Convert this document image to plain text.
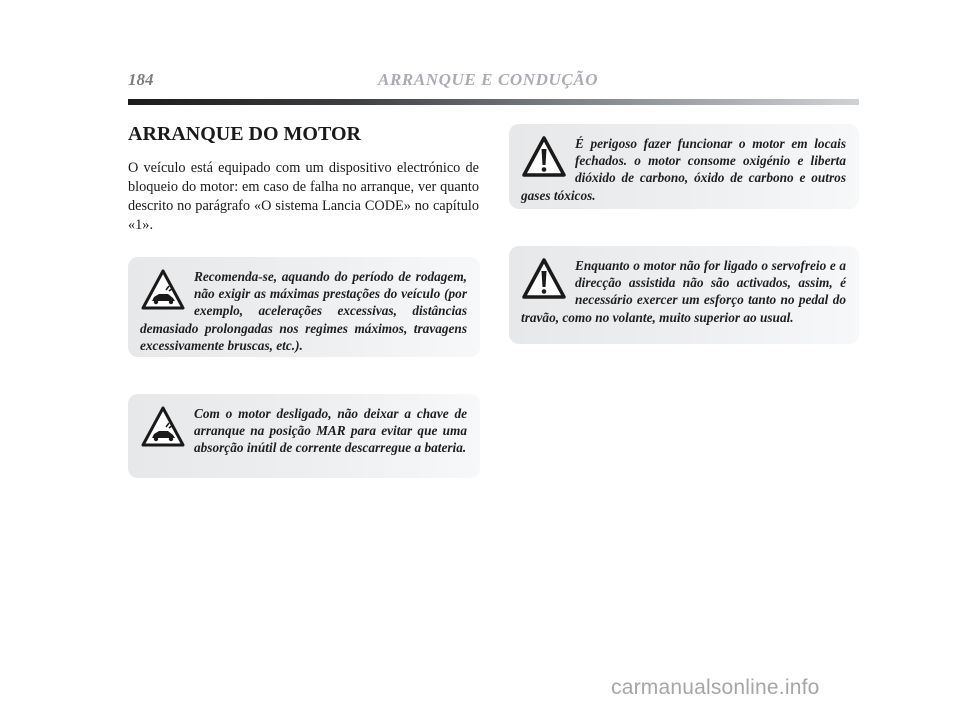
184	ARRANQUE E CONDUÇÃO
ARRANQUE DO MOTOR

O veículo está equipado com um dispositivo electrónico de bloqueio do motor: em caso de falha no arranque, ver quanto descrito no parágrafo «O sistema Lancia CODE» no capítulo «1».

Recomenda-se, aquando do período de rodagem, não exigir as máximas prestações do veículo (por exemplo, acelerações excessivas, distâncias demasiado prolongadas nos regimes máximos, travagens excessivamente bruscas, etc.).

Com o motor desligado, não deixar a chave de arranque na posição MAR para evitar que uma absorção inútil de corrente descarregue a bateria.

É perigoso fazer funcionar o motor em locais fechados. o motor consome oxigénio e liberta dióxido de carbono, óxido de carbono e outros gases tóxicos.

Enquanto o motor não for ligado o servofreio e a direcção assistida não são activados, assim, é necessário exercer um esforço tanto no pedal do travão, como no volante, muito superior ao usual.

carmanualsonline.info
